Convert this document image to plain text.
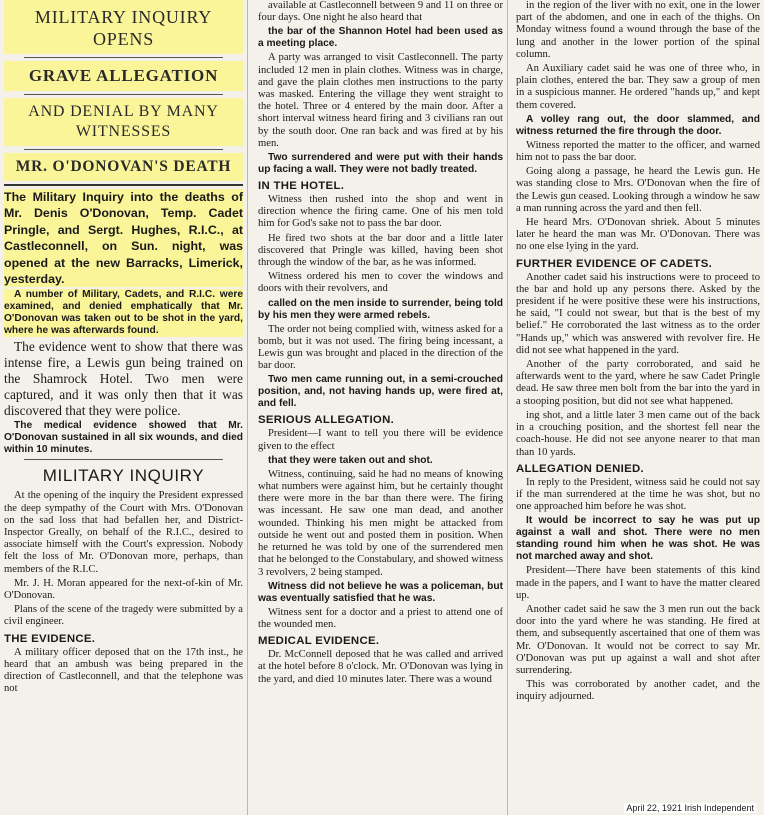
MILITARY INQUIRY OPENS
GRAVE ALLEGATION
AND DENIAL BY MANY WITNESSES
MR. O'DONOVAN'S DEATH

The Military Inquiry into the deaths of Mr. Denis O'Donovan, Temp. Cadet Pringle, and Sergt. Hughes, R.I.C., at Castleconnell, on Sun. night, was opened at the new Barracks, Limerick, yesterday.

A number of Military, Cadets, and R.I.C. were examined, and denied emphatically that Mr. O'Donovan was taken out to be shot in the yard, where he was afterwards found.

The evidence went to show that there was intense fire, a Lewis gun being trained on the Shamrock Hotel. Two men were captured, and it was only then that it was discovered that they were police.

The medical evidence showed that Mr. O'Donovan sustained in all six wounds, and died within 10 minutes.

MILITARY INQUIRY

At the opening of the inquiry the President expressed the deep sympathy of the Court with Mrs. O'Donovan on the sad loss that had befallen her, and District-Inspector Greally, on behalf of the R.I.C., desired to associate himself with the Court's expression. Nobody felt the loss of Mr. O'Donovan more, perhaps, than members of the R.I.C.

Mr. J. H. Moran appeared for the next-of-kin of Mr. O'Donovan.

Plans of the scene of the tragedy were submitted by a civil engineer.

THE EVIDENCE.

A military officer deposed that on the 17th inst., he heard that an ambush was being prepared in the direction of Castleconnell, and that the telephone was not

available at Castleconnell between 9 and 11 on three or four days. One night he also heard that

the bar of the Shannon Hotel had been used as a meeting place.

A party was arranged to visit Castleconnell. The party included 12 men in plain clothes. Witness was in charge, and gave the plain clothes men instructions to the party was masked. Entering the village they went straight to the hotel. Three or 4 entered by the main door. After a short interval witness heard firing and 3 civilians ran out by the south door. One ran back and was fired at by his men.

Two surrendered and were put with their hands up facing a wall. They were not badly treated.

IN THE HOTEL.

Witness then rushed into the shop and went in direction whence the firing came. One of his men told him for God's sake not to pass the bar door.

He fired two shots at the bar door and a little later discovered that Pringle was killed, having been shot through the window of the bar, as he was informed.

Witness ordered his men to cover the windows and doors with their revolvers, and

called on the men inside to surrender, being told by his men they were armed rebels.

The order not being complied with, witness asked for a bomb, but it was not used. The firing being incessant, a Lewis gun was brought and placed in the direction of the bar door.

Two men came running out, in a semi-crouched position, and, not having hands up, were fired at, and fell.

SERIOUS ALLEGATION.

President—I want to tell you there will be evidence given to the effect

that they were taken out and shot.

Witness, continuing, said he had no means of knowing what numbers were against him, but he certainly thought there were more in the bar than there were. The firing was incessant. He saw one man dead, and another wounded. Thinking his men might be attacked from outside he went out and posted them in position. When he returned he was told by one of the surrendered men that he belonged to the Constabulary, and showed witness 3 revolvers, 2 being stamped.

Witness did not believe he was a policeman, but was eventually satisfied that he was.

Witness sent for a doctor and a priest to attend one of the wounded men.

MEDICAL EVIDENCE.

Dr. McConnell deposed that he was called and arrived at the hotel before 8 o'clock. Mr. O'Donovan was lying in the yard, and died 10 minutes later. There was a wound

in the region of the liver with no exit, one in the lower part of the abdomen, and one in each of the thighs. On Monday witness found a wound through the base of the lung and another in the lower portion of the spinal column.

An Auxiliary cadet said he was one of three who, in plain clothes, entered the bar. They saw a group of men in a suspicious manner. He ordered "hands up," and kept them covered.

A volley rang out, the door slammed, and witness returned the fire through the door.

Witness reported the matter to the officer, and warned him not to pass the bar door.

Going along a passage, he heard the Lewis gun. He was standing close to Mrs. O'Donovan when the fire of the Lewis gun ceased. Looking through a window he saw a man running across the yard and then fell.

He heard Mrs. O'Donovan shriek. About 5 minutes later he heard the man was Mr. O'Donovan. There was no one else lying in the yard.

FURTHER EVIDENCE OF CADETS.

Another cadet said his instructions were to proceed to the bar and hold up any persons there. Asked by the president if he were positive these were his instructions, he said, "I could not swear, but that is the best of my belief." He corroborated the last witness as to the order "Hands up," which was answered with revolver fire. He did not see what happened in the yard.

Another of the party corroborated, and said he afterwards went to the yard, where he saw Cadet Pringle dead. He saw three men bolt from the bar into the yard in a stooping position, but did not see what happened.

ing shot, and a little later 3 men came out of the back in a crouching position, and the shortest fell near the coach-house. He did not see anyone nearer to that man than 10 yards.

ALLEGATION DENIED.

In reply to the President, witness said he could not say if the man surrendered at the time he was shot, but no one approached him before he was shot.

It would be incorrect to say he was put up against a wall and shot. There were no men standing round him when he was shot. He was not marched away and shot.

President—There have been statements of this kind made in the papers, and I want to have the matter cleared up.

Another cadet said he saw the 3 men run out the back door into the yard where he was standing. He fired at them, and subsequently ascertained that one of them was Mr. O'Donovan. It would not be correct to say Mr. O'Donovan was put up against a wall and shot after surrendering.

This was corroborated by another cadet, and the inquiry adjourned.

April 22, 1921 Irish Independent
